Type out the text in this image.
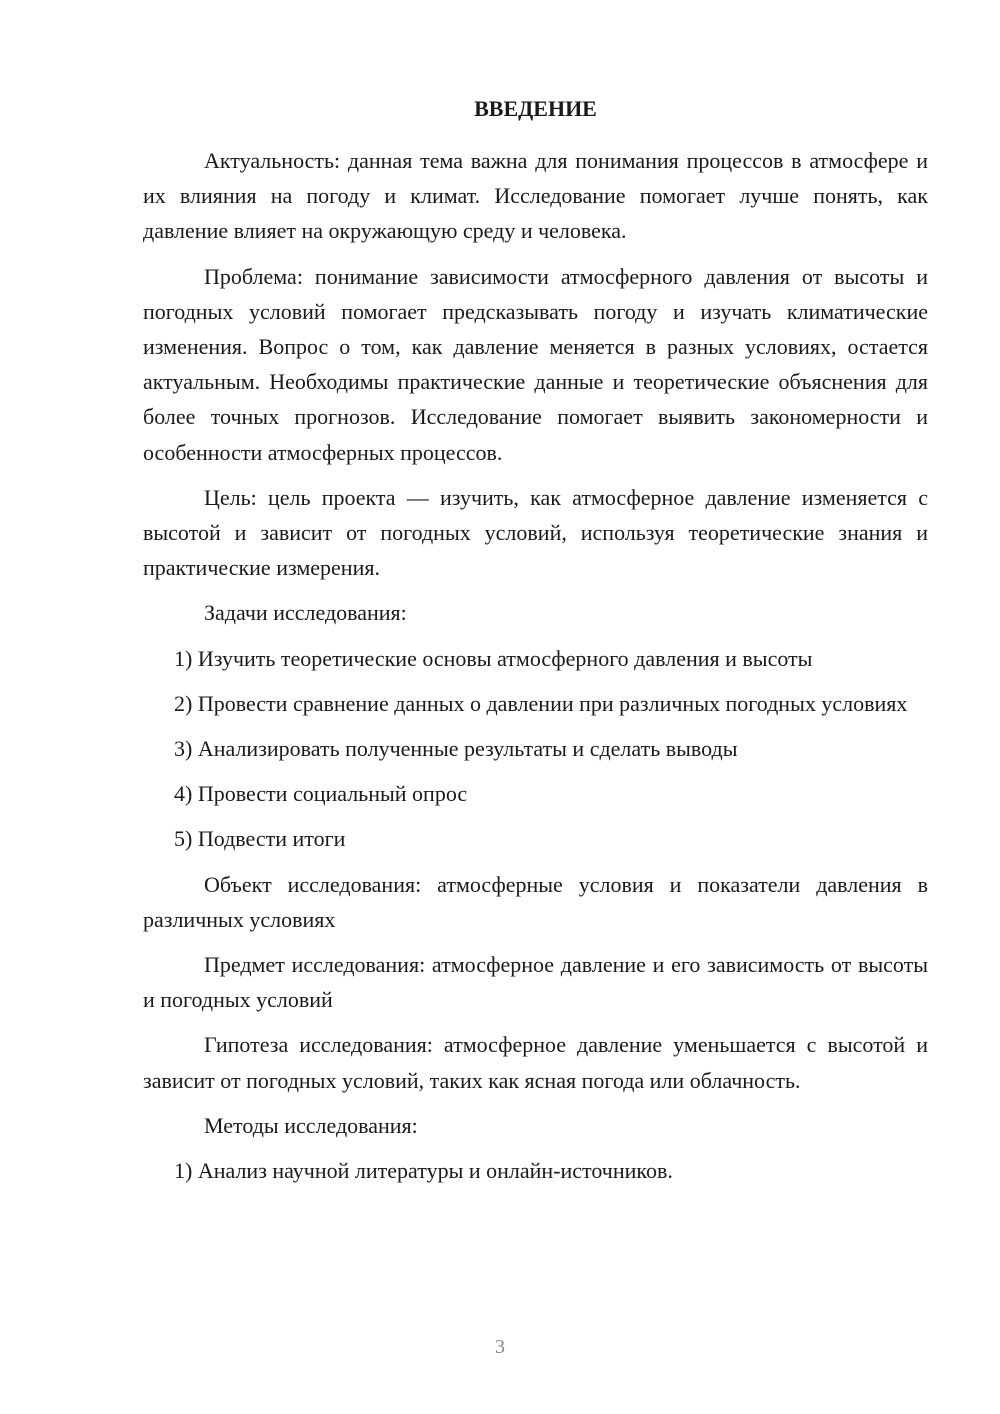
ВВЕДЕНИЕ

Актуальность: данная тема важна для понимания процессов в атмосфере и их влияния на погоду и климат. Исследование помогает лучше понять, как давление влияет на окружающую среду и человека.

Проблема: понимание зависимости атмосферного давления от высоты и погодных условий помогает предсказывать погоду и изучать климатические изменения. Вопрос о том, как давление меняется в разных условиях, остается актуальным. Необходимы практические данные и теоретические объяснения для более точных прогнозов. Исследование помогает выявить закономерности и особенности атмосферных процессов.

Цель: цель проекта — изучить, как атмосферное давление изменяется с высотой и зависит от погодных условий, используя теоретические знания и практические измерения.

Задачи исследования:

1) Изучить теоретические основы атмосферного давления и высоты

2) Провести сравнение данных о давлении при различных погодных условиях

3) Анализировать полученные результаты и сделать выводы

4) Провести социальный опрос

5) Подвести итоги

Объект исследования: атмосферные условия и показатели давления в различных условиях

Предмет исследования: атмосферное давление и его зависимость от высоты и погодных условий

Гипотеза исследования: атмосферное давление уменьшается с высотой и зависит от погодных условий, таких как ясная погода или облачность.

Методы исследования:

1) Анализ научной литературы и онлайн-источников.

3
